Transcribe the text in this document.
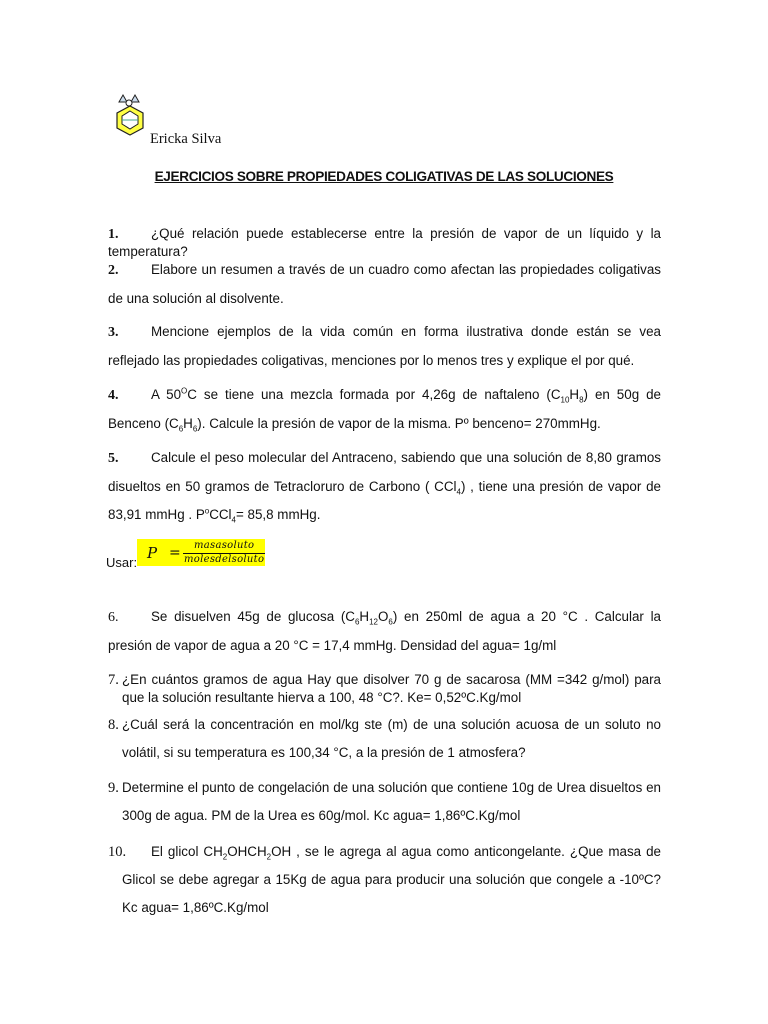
Ericka Silva
EJERCICIOS SOBRE PROPIEDADES COLIGATIVAS DE LAS SOLUCIONES
1. ¿Qué relación puede establecerse entre la presión de vapor de un líquido y la temperatura?
2. Elabore un resumen a través de un cuadro como afectan las propiedades coligativas de una solución al disolvente.
3. Mencione ejemplos de la vida común en forma ilustrativa donde están se vea reflejado las propiedades coligativas, menciones por lo menos tres y explique el por qué.
4. A $50^OC$ se tiene una mezcla formada por 4,26g de naftaleno $(C_{10}H_8)$ en 50g de Benceno $(C_6H_6)$. Calcule la presión de vapor de la misma. Pº benceno= 270mmHg.
5. Calcule el peso molecular del Antraceno, sabiendo que una solución de 8,80 gramos disueltos en 50 gramos de Tetracloruro de Carbono ( CCl$_4$) , tiene una presión de vapor de 83,91 mmHg . $P^oCCl_4= 85,8$ mmHg.
Usar:
P = masasoluto
molesdelsoluto
6. Se disuelven 45g de glucosa $(C_6H_{12}O_6)$ en 250ml de agua a 20 °C . Calcular la presión de vapor de agua a 20 °C = 17,4 mmHg. Densidad del agua= 1g/ml
7. ¿En cuántos gramos de agua Hay que disolver 70 g de sacarosa (MM =342 g/mol) para que la solución resultante hierva a 100, 48 °C?. Ke= 0,52ºC.Kg/mol
8. ¿Cuál será la concentración en mol/kg ste (m) de una solución acuosa de un soluto no volátil, si su temperatura es 100,34 °C, a la presión de 1 atmosfera?
9. Determine el punto de congelación de una solución que contiene 10g de Urea disueltos en 300g de agua. PM de la Urea es 60g/mol. Kc agua= 1,86ºC.Kg/mol
10. El glicol $CH_2OHCH_2OH$ , se le agrega al agua como anticongelante. ¿Que masa de Glicol se debe agregar a 15Kg de agua para producir una solución que congele a -10ºC? Kc agua= 1,86ºC.Kg/mol
